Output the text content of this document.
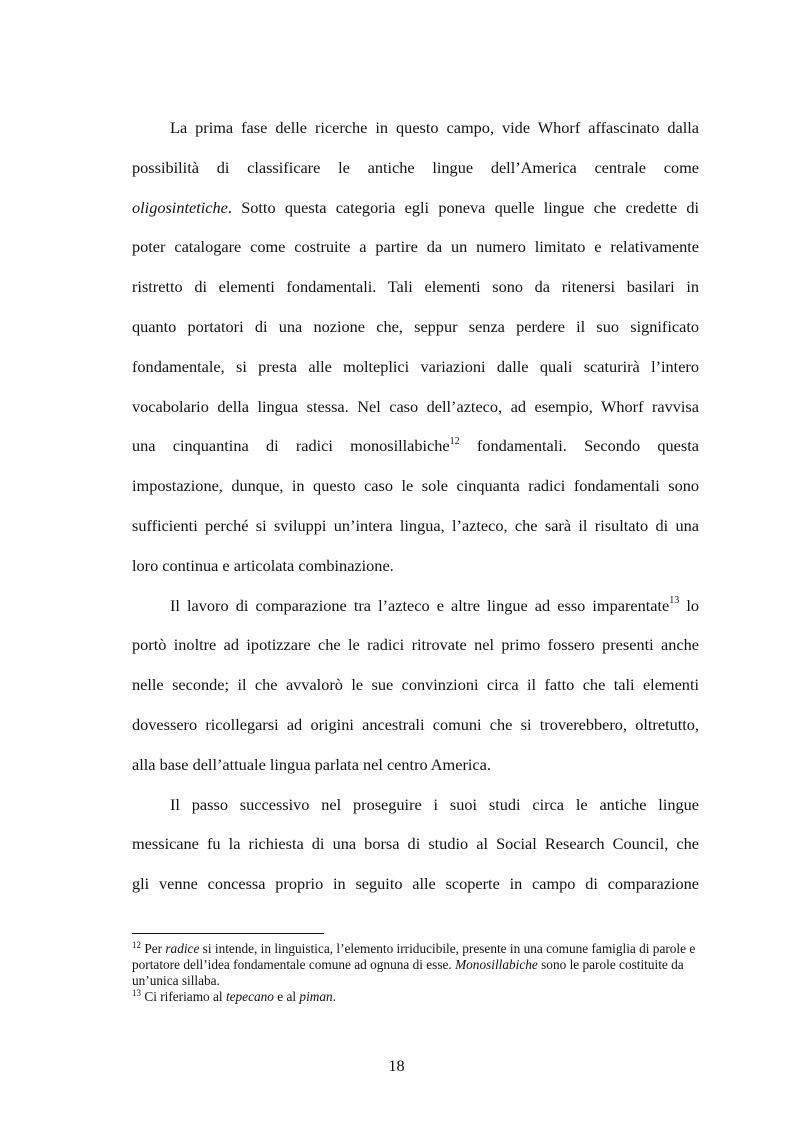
La prima fase delle ricerche in questo campo, vide Whorf affascinato dalla
possibilità di classificare le antiche lingue dell’America centrale come
oligosintetiche. Sotto questa categoria egli poneva quelle lingue che credette di
poter catalogare come costruite a partire da un numero limitato e relativamente
ristretto di elementi fondamentali. Tali elementi sono da ritenersi basilari in
quanto portatori di una nozione che, seppur senza perdere il suo significato
fondamentale, si presta alle molteplici variazioni dalle quali scaturirà l’intero
vocabolario della lingua stessa. Nel caso dell’azteco, ad esempio, Whorf ravvisa
una cinquantina di radici monosillabiche$^{12}$ fondamentali. Secondo questa
impostazione, dunque, in questo caso le sole cinquanta radici fondamentali sono
sufficienti perché si sviluppi un’intera lingua, l’azteco, che sarà il risultato di una
loro continua e articolata combinazione.
Il lavoro di comparazione tra l’azteco e altre lingue ad esso imparentate$^{13}$ lo
portò inoltre ad ipotizzare che le radici ritrovate nel primo fossero presenti anche
nelle seconde; il che avvalorò le sue convinzioni circa il fatto che tali elementi
dovessero ricollegarsi ad origini ancestrali comuni che si troverebbero, oltretutto,
alla base dell’attuale lingua parlata nel centro America.
Il passo successivo nel proseguire i suoi studi circa le antiche lingue
messicane fu la richiesta di una borsa di studio al Social Research Council, che
gli venne concessa proprio in seguito alle scoperte in campo di comparazione

$^{12}$ Per radice si intende, in linguistica, l’elemento irriducibile, presente in una comune famiglia di parole e portatore dell’idea fondamentale comune ad ognuna di esse. Monosillabiche sono le parole costituite da un’unica sillaba.

$^{13}$ Ci riferiamo al tepecano e al piman.

18
